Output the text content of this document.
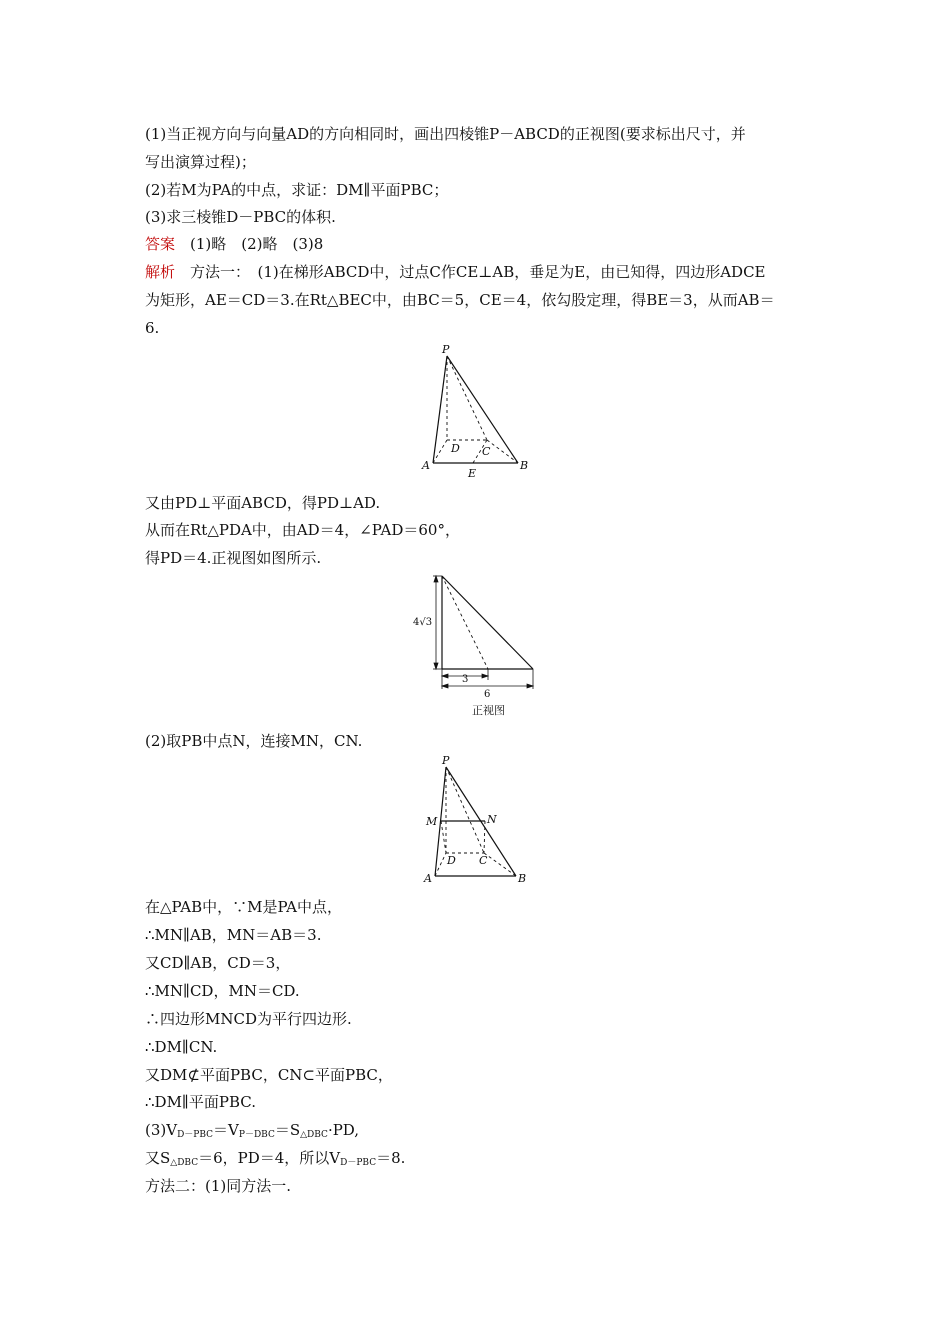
(1)当正视方向与向量AD的方向相同时，画出四棱锥P－ABCD的正视图(要求标出尺寸，并
写出演算过程)；
(2)若M为PA的中点，求证：DM∥平面PBC；
(3)求三棱锥D－PBC的体积.
答案　(1)略　(2)略　(3)8
解析　方法一：　(1)在梯形ABCD中，过点C作CE⊥AB，垂足为E，由已知得，四边形ADCE
为矩形，AE＝CD＝3.在Rt△BEC中，由BC＝5，CE＝4，依勾股定理，得BE＝3，从而AB＝
6.
P
A	B
D C
E
又由PD⊥平面ABCD，得PD⊥AD.
从而在Rt△PDA中，由AD＝4，∠PAD＝60°，
得PD＝4.正视图如图所示.
4√3
3
6
正视图
(2)取PB中点N，连接MN，CN.
P
M	N
A	B
D C
在△PAB中，∵M是PA中点，
∴MN∥AB，MN＝AB＝3.
又CD∥AB，CD＝3，
∴MN∥CD，MN＝CD.
∴四边形MNCD为平行四边形.
∴DM∥CN.
又DM⊄平面PBC，CN⊂平面PBC，
∴DM∥平面PBC.
$(3)V_{D-PBC}=V_{P-DBC}=S_{\triangle DBC}\cdot PD$,
又$S_{\triangle DBC}=6$，PD＝4，所以$V_{D-PBC}=8$.
方法二：(1)同方法一.
